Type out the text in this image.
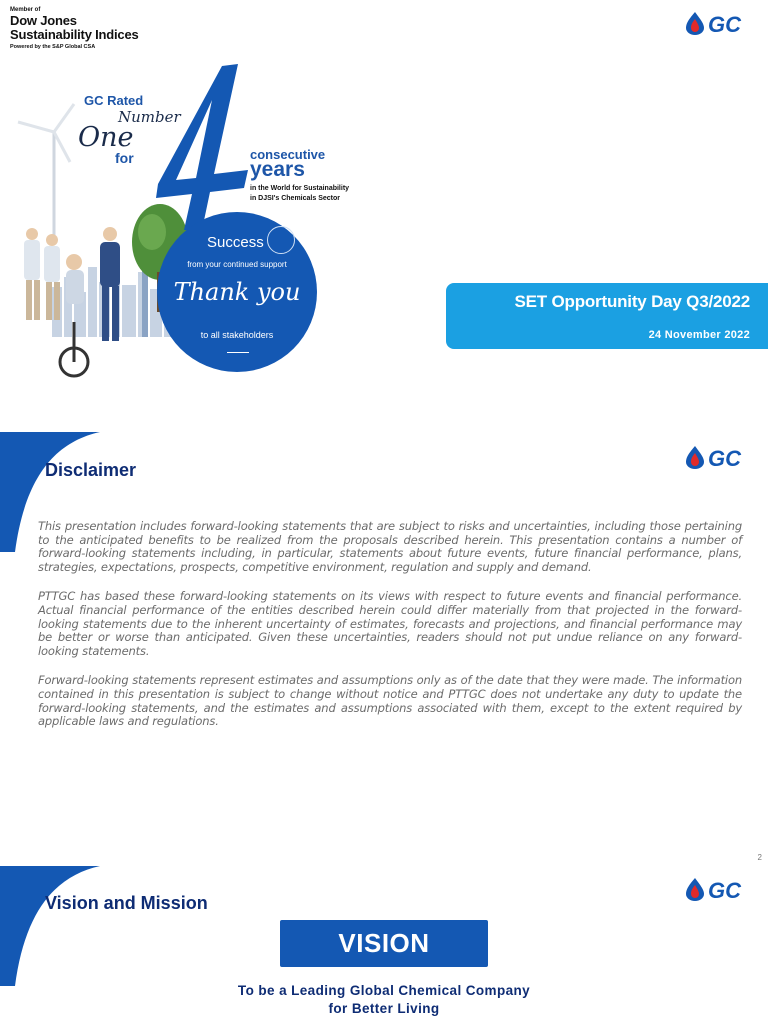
Member of
Dow Jones
Sustainability Indices
Powered by the S&P Global CSA
GC
GC Rated
Number
One
for	consecutive
years
in the World for Sustainability
in DJSI's Chemicals Sector
Success
from your continued support
Thank you
to all stakeholders
SET Opportunity Day Q3/2022
24 November 2022
Disclaimer	GC

This presentation includes forward-looking statements that are subject to risks and uncertainties, including those pertaining to the anticipated benefits to be realized from the proposals described herein. This presentation contains a number of forward-looking statements including, in particular, statements about future events, future financial performance, plans, strategies, expectations, prospects, competitive environment, regulation and supply and demand.

PTTGC has based these forward-looking statements on its views with respect to future events and financial performance. Actual financial performance of the entities described herein could differ materially from that projected in the forward-looking statements due to the inherent uncertainty of estimates, forecasts and projections, and financial performance may be better or worse than anticipated. Given these uncertainties, readers should not put undue reliance on any forward-looking statements.

Forward-looking statements represent estimates and assumptions only as of the date that they were made. The information contained in this presentation is subject to change without notice and PTTGC does not undertake any duty to update the forward-looking statements, and the estimates and assumptions associated with them, except to the extent required by applicable laws and regulations.

2
Vision and Mission	GC
VISION
To be a Leading Global Chemical Company
for Better Living
